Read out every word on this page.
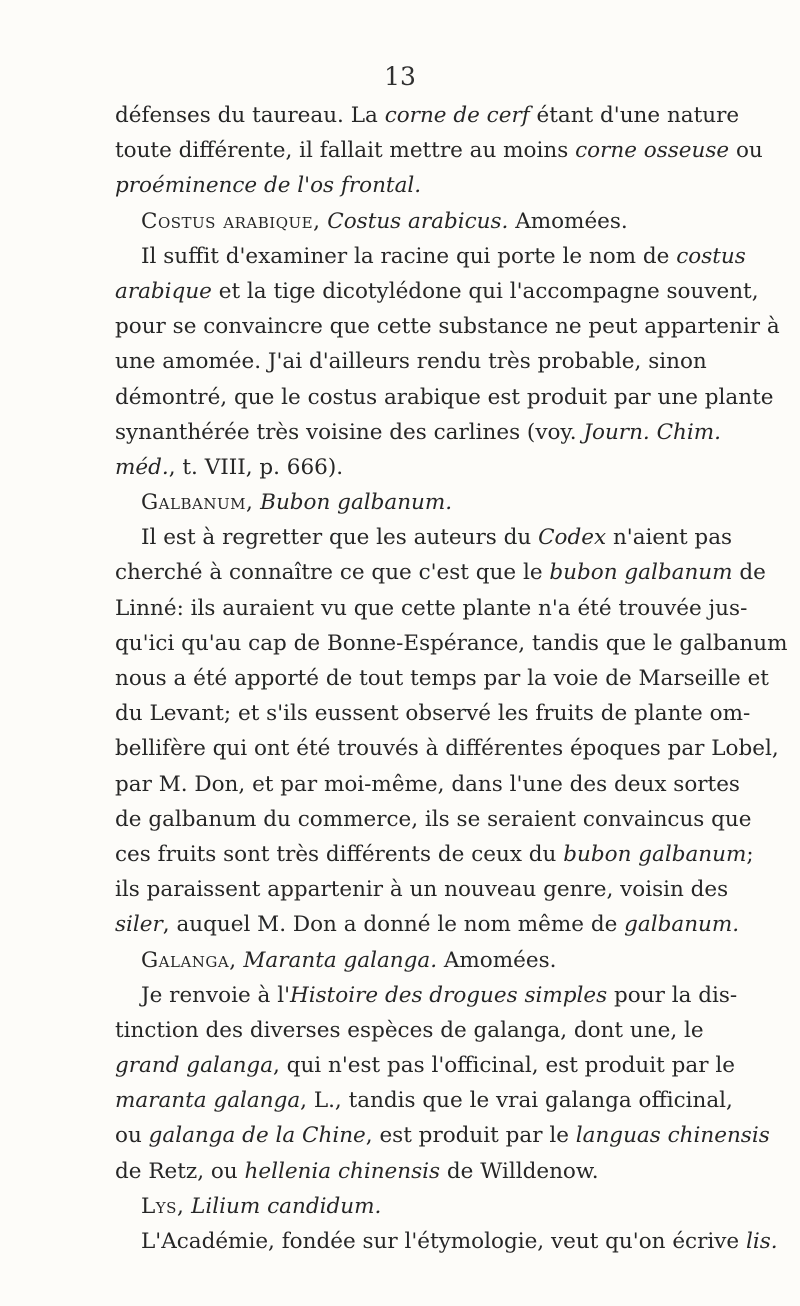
13
défenses du taureau. La corne de cerf étant d'une nature
toute différente, il fallait mettre au moins corne osseuse ou
proéminence de l'os frontal.
Costus arabique, Costus arabicus. Amomées.
Il suffit d'examiner la racine qui porte le nom de costus
arabique et la tige dicotylédone qui l'accompagne souvent,
pour se convaincre que cette substance ne peut appartenir à
une amomée. J'ai d'ailleurs rendu très probable, sinon
démontré, que le costus arabique est produit par une plante
synanthérée très voisine des carlines (voy. Journ. Chim.
méd., t. VIII, p. 666).
Galbanum, Bubon galbanum.
Il est à regretter que les auteurs du Codex n'aient pas
cherché à connaître ce que c'est que le bubon galbanum de
Linné: ils auraient vu que cette plante n'a été trouvée jus-
qu'ici qu'au cap de Bonne-Espérance, tandis que le galbanum
nous a été apporté de tout temps par la voie de Marseille et
du Levant; et s'ils eussent observé les fruits de plante om-
bellifère qui ont été trouvés à différentes époques par Lobel,
par M. Don, et par moi-même, dans l'une des deux sortes
de galbanum du commerce, ils se seraient convaincus que
ces fruits sont très différents de ceux du bubon galbanum;
ils paraissent appartenir à un nouveau genre, voisin des
siler, auquel M. Don a donné le nom même de galbanum.
Galanga, Maranta galanga. Amomées.
Je renvoie à l'Histoire des drogues simples pour la dis-
tinction des diverses espèces de galanga, dont une, le
grand galanga, qui n'est pas l'officinal, est produit par le
maranta galanga, L., tandis que le vrai galanga officinal,
ou galanga de la Chine, est produit par le languas chinensis
de Retz, ou hellenia chinensis de Willdenow.
Lys, Lilium candidum.
L'Académie, fondée sur l'étymologie, veut qu'on écrive lis.
